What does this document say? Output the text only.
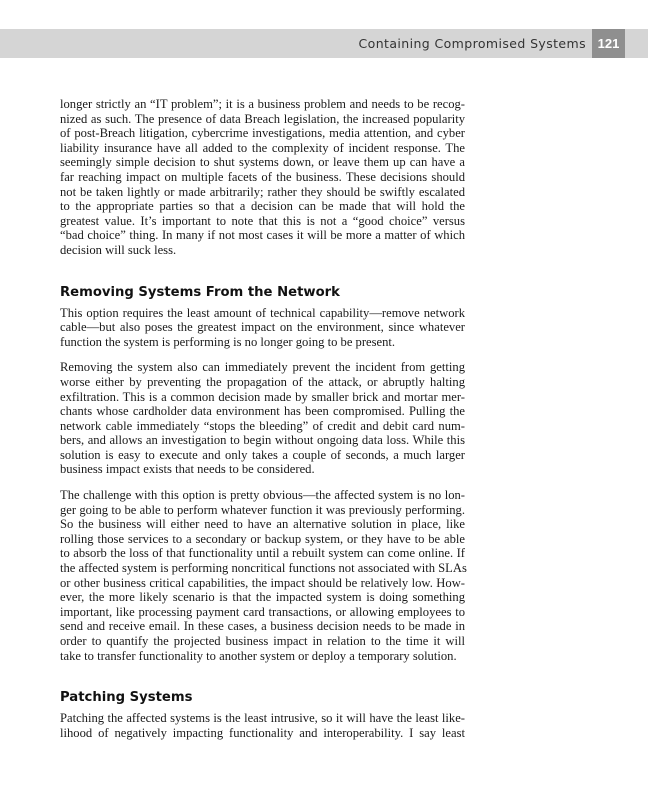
Containing Compromised Systems 121
longer strictly an “IT problem”; it is a business problem and needs to be recog-
nized as such. The presence of data Breach legislation, the increased popularity
of post-Breach litigation, cybercrime investigations, media attention, and cyber
liability insurance have all added to the complexity of incident response. The
seemingly simple decision to shut systems down, or leave them up can have a
far reaching impact on multiple facets of the business. These decisions should
not be taken lightly or made arbitrarily; rather they should be swiftly escalated
to the appropriate parties so that a decision can be made that will hold the
greatest value. It’s important to note that this is not a “good choice” versus
“bad choice” thing. In many if not most cases it will be more a matter of which
decision will suck less.
Removing Systems From the Network
This option requires the least amount of technical capability—remove network
cable—but also poses the greatest impact on the environment, since whatever
function the system is performing is no longer going to be present.
Removing the system also can immediately prevent the incident from getting
worse either by preventing the propagation of the attack, or abruptly halting
exfiltration. This is a common decision made by smaller brick and mortar mer-
chants whose cardholder data environment has been compromised. Pulling the
network cable immediately “stops the bleeding” of credit and debit card num-
bers, and allows an investigation to begin without ongoing data loss. While this
solution is easy to execute and only takes a couple of seconds, a much larger
business impact exists that needs to be considered.
The challenge with this option is pretty obvious—the affected system is no lon-
ger going to be able to perform whatever function it was previously performing.
So the business will either need to have an alternative solution in place, like
rolling those services to a secondary or backup system, or they have to be able
to absorb the loss of that functionality until a rebuilt system can come online. If
the affected system is performing noncritical functions not associated with SLAs
or other business critical capabilities, the impact should be relatively low. How-
ever, the more likely scenario is that the impacted system is doing something
important, like processing payment card transactions, or allowing employees to
send and receive email. In these cases, a business decision needs to be made in
order to quantify the projected business impact in relation to the time it will
take to transfer functionality to another system or deploy a temporary solution.
Patching Systems
Patching the affected systems is the least intrusive, so it will have the least like-
lihood of negatively impacting functionality and interoperability. I say least
